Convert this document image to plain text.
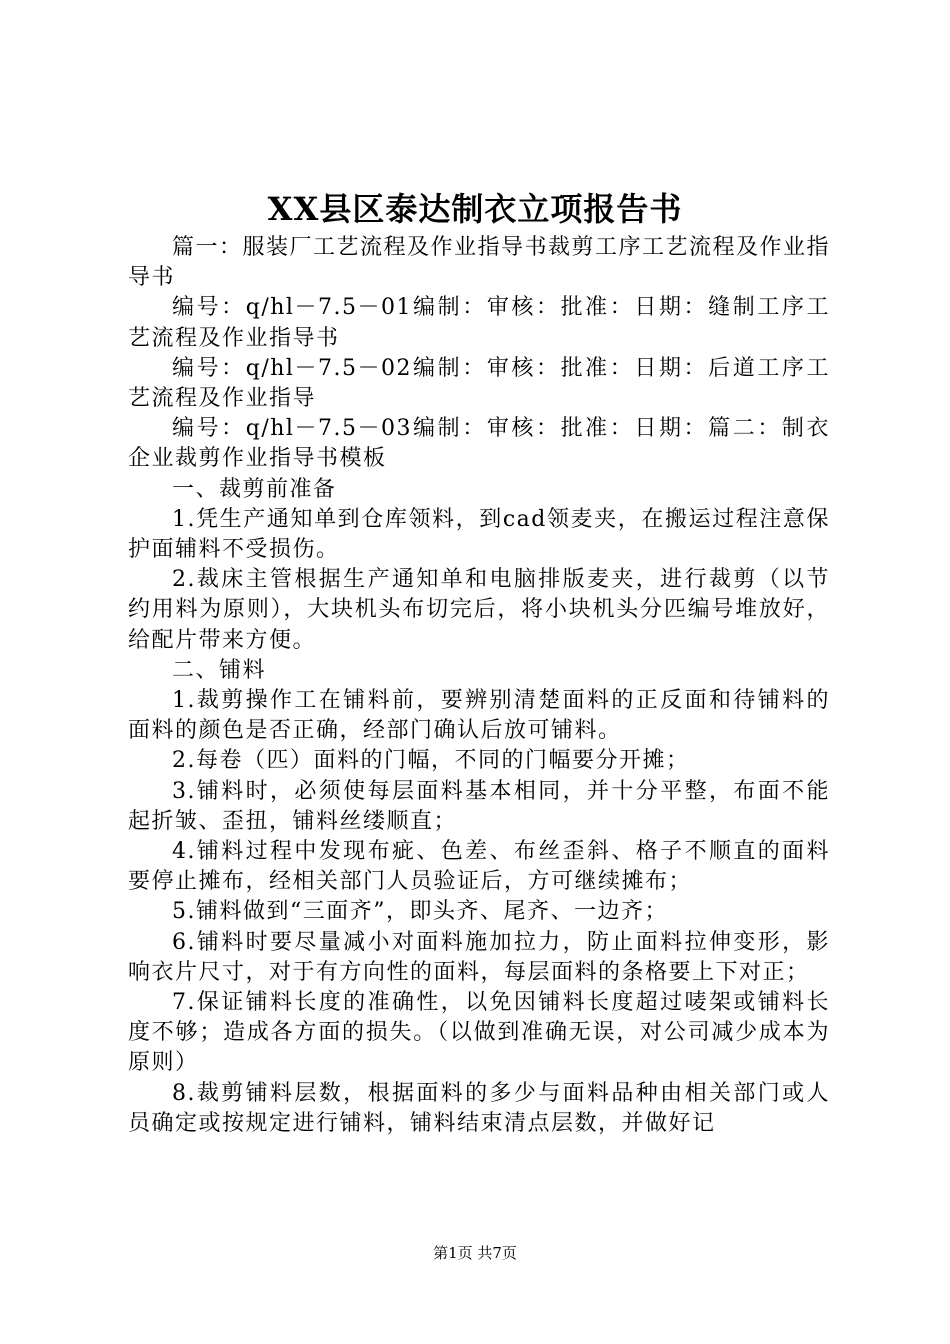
XX县区泰达制衣立项报告书

篇一：服装厂工艺流程及作业指导书裁剪工序工艺流程及作业指导书

编号：q/hl－7.5－01编制：审核：批准：日期：缝制工序工艺流程及作业指导书

编号：q/hl－7.5－02编制：审核：批准：日期：后道工序工艺流程及作业指导

编号：q/hl－7.5－03编制：审核：批准：日期：篇二：制衣企业裁剪作业指导书模板

一、裁剪前准备

1.凭生产通知单到仓库领料，到cad领麦夹，在搬运过程注意保护面辅料不受损伤。

2.裁床主管根据生产通知单和电脑排版麦夹，进行裁剪（以节约用料为原则），大块机头布切完后，将小块机头分匹编号堆放好，给配片带来方便。

二、铺料

1.裁剪操作工在铺料前，要辨别清楚面料的正反面和待铺料的面料的颜色是否正确，经部门确认后放可铺料。

2.每卷（匹）面料的门幅，不同的门幅要分开摊；

3.铺料时，必须使每层面料基本相同，并十分平整，布面不能起折皱、歪扭，铺料丝缕顺直；

4.铺料过程中发现布疵、色差、布丝歪斜、格子不顺直的面料要停止摊布，经相关部门人员验证后，方可继续摊布；

5.铺料做到“三面齐”，即头齐、尾齐、一边齐；

6.铺料时要尽量减小对面料施加拉力，防止面料拉伸变形，影响衣片尺寸，对于有方向性的面料，每层面料的条格要上下对正；

7.保证铺料长度的准确性，以免因铺料长度超过唛架或铺料长度不够；造成各方面的损失。（以做到准确无误，对公司减少成本为原则）

8.裁剪铺料层数，根据面料的多少与面料品种由相关部门或人员确定或按规定进行铺料，铺料结束清点层数，并做好记

第1页 共7页
